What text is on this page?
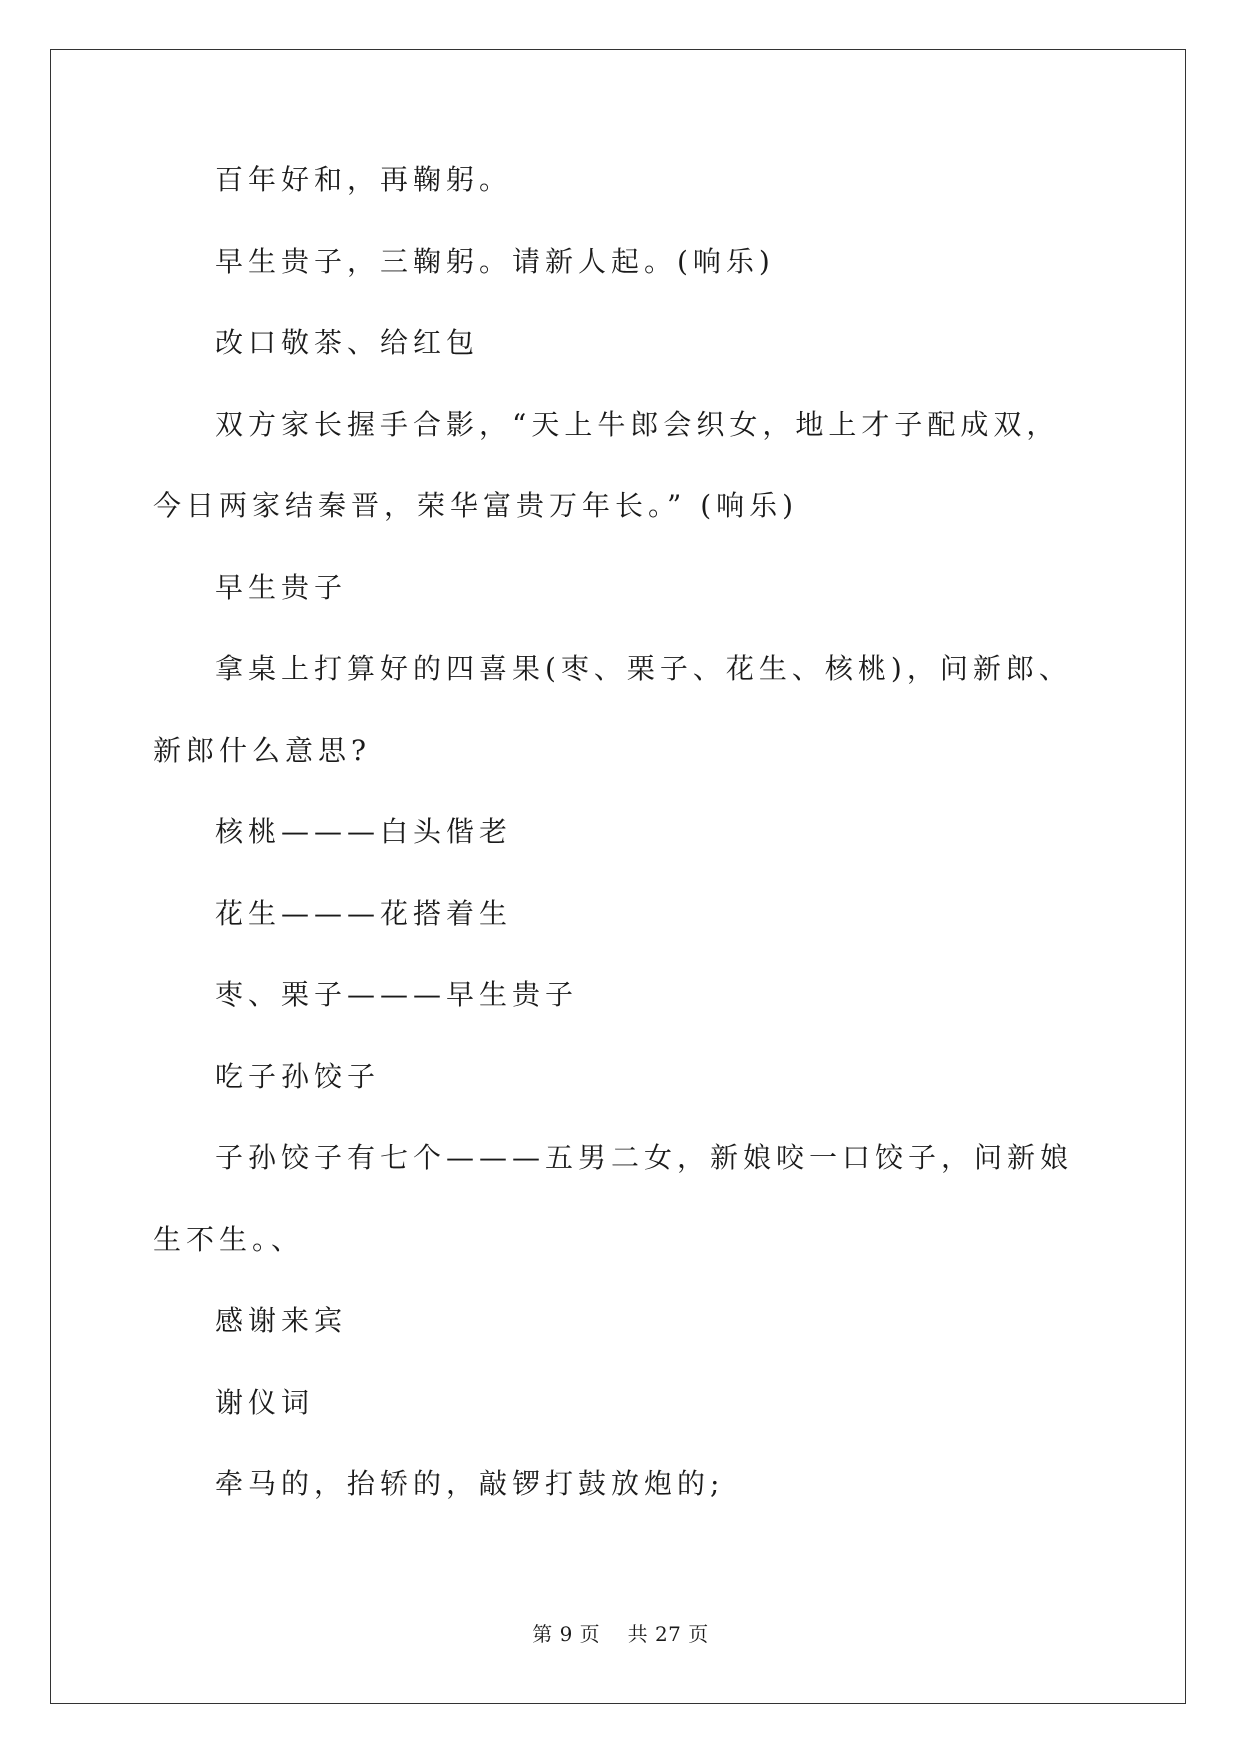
百年好和，再鞠躬。

早生贵子，三鞠躬。请新人起。(响乐)

改口敬茶、给红包

双方家长握手合影，“天上牛郎会织女，地上才子配成双，今日两家结秦晋，荣华富贵万年长。” (响乐)

早生贵子

拿桌上打算好的四喜果(枣、栗子、花生、核桃)，问新郎、新郎什么意思?

核桃———白头偕老

花生———花搭着生

枣、栗子———早生贵子

吃子孙饺子

子孙饺子有七个———五男二女，新娘咬一口饺子，问新娘生不生。、

感谢来宾

谢仪词

牵马的，抬轿的，敲锣打鼓放炮的;

第 9 页    共 27 页
